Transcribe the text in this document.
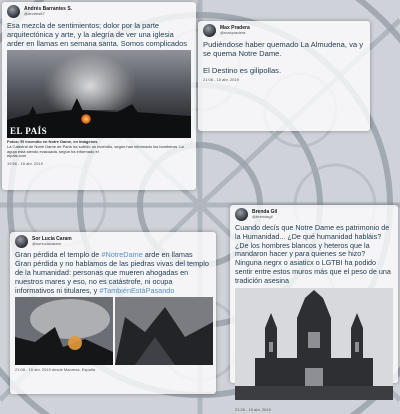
Andrés Barrantes S.
@andres87
Esa mezcla de sentimientos; dolor por la parte arquitectónica y arte, y la alegría de ver una iglesia arder en llamas en semana santa. Somos complicados
EL PAÍS
Fotos: El incendio en Notre Dame, en imágenes
La Catedral de Notre Dame de París ha sufrido un incendio, según han informado los bomberos. La aguja está siendo evacuada, según ha informado el
elpais.com
19:56 - 15 abr. 2019
Max Pradera
@maxpradera
Pudiéndose haber quemado La Almudena, va y se quema Notre Dame.
El Destino es gilipollas.
21:08 - 15 abr. 2019
Brenda Gil
@brendagil
Cuando decís que Notre Dame es patrimonio de la Humanidad... ¿De qué humanidad habláis? ¿De los hombres blancos y heteros que la mandaron hacer y para quienes se hizo? Ninguna negrx o asiaticx o LGTBI ha podido sentir entre estos muros más que el peso de una tradición asesina
21:26 - 15 abr. 2019
Sor Lucía Caram
@sorluciacaram
Gran pérdida el templo de #NotreDame arde en llamas
Gran pérdida y no hablamos de las piedras vivas del templo de la humanidad: personas que mueren ahogadas en nuestros mares y eso, no es catástrofe, ni ocupa informativos ni titulares, y #TambiénEstáPasando
21:08 - 15 abr. 2019 desde Manresa, España
